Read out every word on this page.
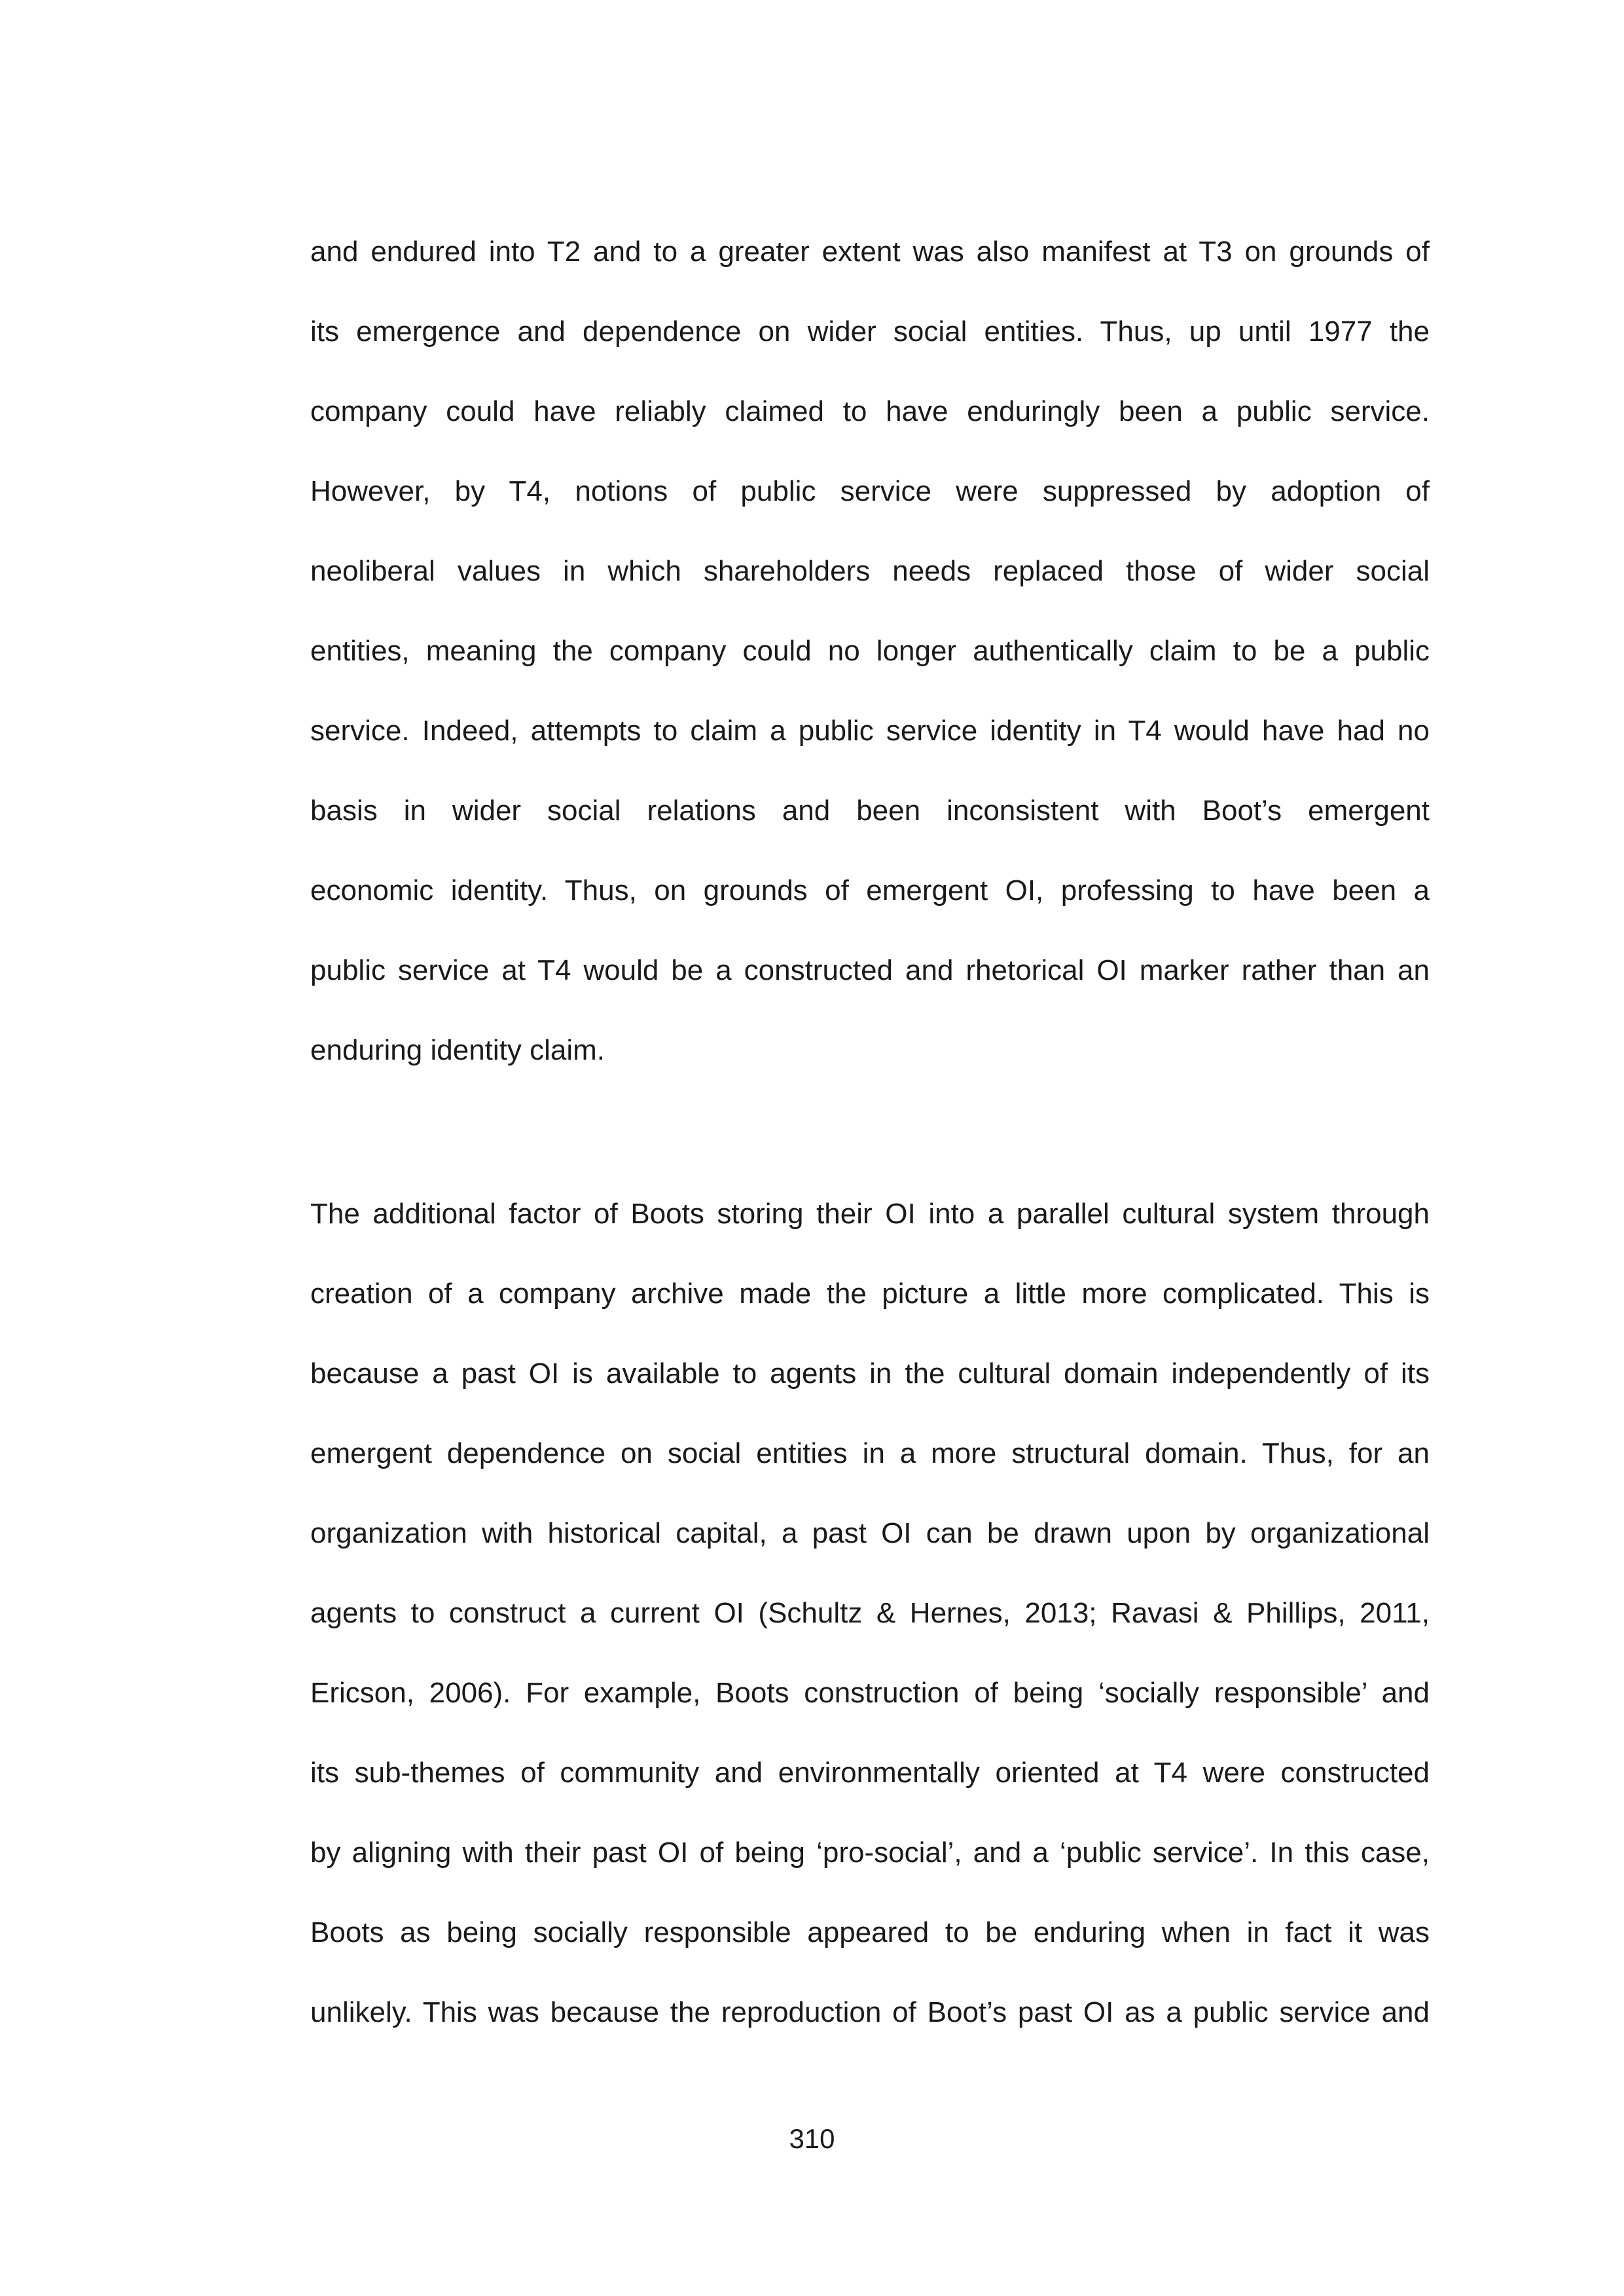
and endured into T2 and to a greater extent was also manifest at T3 on grounds of
its emergence and dependence on wider social entities. Thus, up until 1977 the
company could have reliably claimed to have enduringly been a public service.
However, by T4, notions of public service were suppressed by adoption of
neoliberal values in which shareholders needs replaced those of wider social
entities, meaning the company could no longer authentically claim to be a public
service. Indeed, attempts to claim a public service identity in T4 would have had no
basis in wider social relations and been inconsistent with Boot’s emergent
economic identity. Thus, on grounds of emergent OI, professing to have been a
public service at T4 would be a constructed and rhetorical OI marker rather than an
enduring identity claim.
The additional factor of Boots storing their OI into a parallel cultural system through
creation of a company archive made the picture a little more complicated. This is
because a past OI is available to agents in the cultural domain independently of its
emergent dependence on social entities in a more structural domain. Thus, for an
organization with historical capital, a past OI can be drawn upon by organizational
agents to construct a current OI (Schultz & Hernes, 2013; Ravasi & Phillips, 2011,
Ericson, 2006). For example, Boots construction of being ‘socially responsible’ and
its sub-themes of community and environmentally oriented at T4 were constructed
by aligning with their past OI of being ‘pro-social’, and a ‘public service’. In this case,
Boots as being socially responsible appeared to be enduring when in fact it was
unlikely. This was because the reproduction of Boot’s past OI as a public service and
310
